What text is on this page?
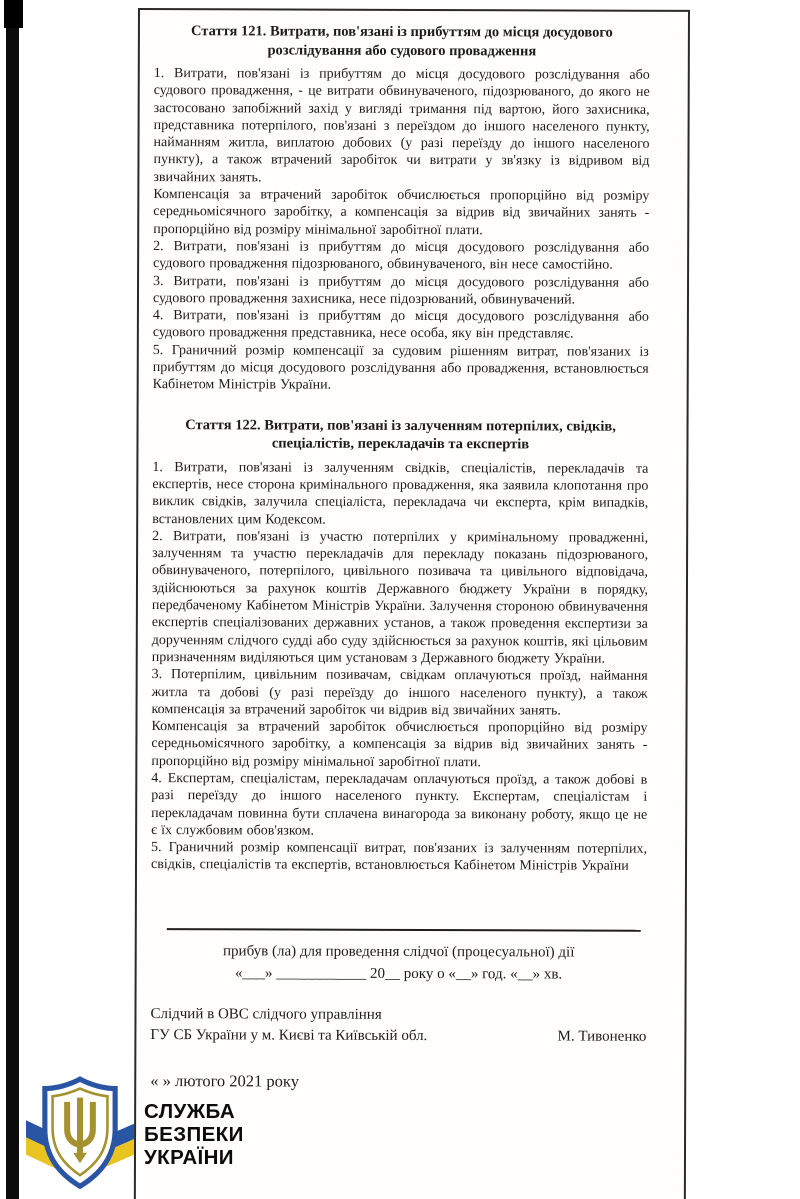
Стаття 121. Витрати, пов'язані із прибуттям до місця досудового розслідування або судового провадження

1. Витрати, пов'язані із прибуттям до місця досудового розслідування або судового провадження, - це витрати обвинуваченого, підозрюваного, до якого не застосовано запобіжний захід у вигляді тримання під вартою, його захисника, представника потерпілого, пов'язані з переїздом до іншого населеного пункту, найманням житла, виплатою добових (у разі переїзду до іншого населеного пункту), а також втрачений заробіток чи витрати у зв'язку із відривом від звичайних занять.

Компенсація за втрачений заробіток обчислюється пропорційно від розміру середньомісячного заробітку, а компенсація за відрив від звичайних занять - пропорційно від розміру мінімальної заробітної плати.

2. Витрати, пов'язані із прибуттям до місця досудового розслідування або судового провадження підозрюваного, обвинуваченого, він несе самостійно.

3. Витрати, пов'язані із прибуттям до місця досудового розслідування або судового провадження захисника, несе підозрюваний, обвинувачений.

4. Витрати, пов'язані із прибуттям до місця досудового розслідування або судового провадження представника, несе особа, яку він представляє.

5. Граничний розмір компенсації за судовим рішенням витрат, пов'язаних із прибуттям до місця досудового розслідування або провадження, встановлюється Кабінетом Міністрів України.

Стаття 122. Витрати, пов'язані із залученням потерпілих, свідків, спеціалістів, перекладачів та експертів

1. Витрати, пов'язані із залученням свідків, спеціалістів, перекладачів та експертів, несе сторона кримінального провадження, яка заявила клопотання про виклик свідків, залучила спеціаліста, перекладача чи експерта, крім випадків, встановлених цим Кодексом.

2. Витрати, пов'язані із участю потерпілих у кримінальному провадженні, залученням та участю перекладачів для перекладу показань підозрюваного, обвинуваченого, потерпілого, цивільного позивача та цивільного відповідача, здійснюються за рахунок коштів Державного бюджету України в порядку, передбаченому Кабінетом Міністрів України. Залучення стороною обвинувачення експертів спеціалізованих державних установ, а також проведення експертизи за дорученням слідчого судді або суду здійснюється за рахунок коштів, які цільовим призначенням виділяються цим установам з Державного бюджету України.

3. Потерпілим, цивільним позивачам, свідкам оплачуються проїзд, наймання житла та добові (у разі переїзду до іншого населеного пункту), а також компенсація за втрачений заробіток чи відрив від звичайних занять.

Компенсація за втрачений заробіток обчислюється пропорційно від розміру середньомісячного заробітку, а компенсація за відрив від звичайних занять - пропорційно від розміру мінімальної заробітної плати.

4. Експертам, спеціалістам, перекладачам оплачуються проїзд, а також добові в разі переїзду до іншого населеного пункту. Експертам, спеціалістам і перекладачам повинна бути сплачена винагорода за виконану роботу, якщо це не є їх службовим обов'язком.

5. Граничний розмір компенсації витрат, пов'язаних із залученням потерпілих, свідків, спеціалістів та експертів, встановлюється Кабінетом Міністрів України

прибув (ла) для проведення слідчої (процесуальної) дії
«___» ____________ 20__ року о «__» год. «__» хв.
Слідчий в ОВС слідчого управління
ГУ СБ України у м. Києві та Київській обл.	М. Тивоненко
« » лютого 2021 року
СЛУЖБА
БЕЗПЕКИ
УКРАЇНИ
